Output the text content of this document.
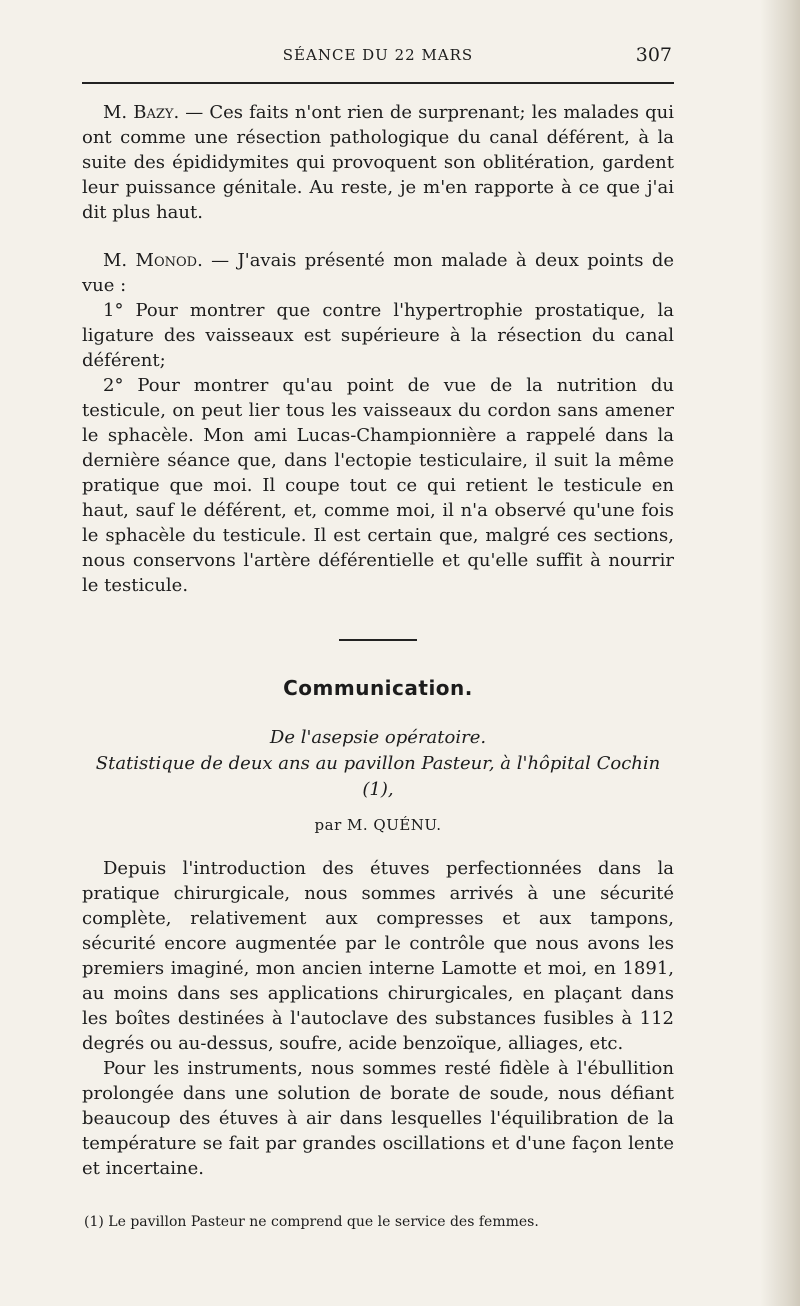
SÉANCE DU 22 MARS	307

M. Bazy. — Ces faits n'ont rien de surprenant; les malades qui ont comme une résection pathologique du canal déférent, à la suite des épididymites qui provoquent son oblitération, gardent leur puissance génitale. Au reste, je m'en rapporte à ce que j'ai dit plus haut.

M. Monod. — J'avais présenté mon malade à deux points de vue :

1° Pour montrer que contre l'hypertrophie prostatique, la ligature des vaisseaux est supérieure à la résection du canal déférent;

2° Pour montrer qu'au point de vue de la nutrition du testicule, on peut lier tous les vaisseaux du cordon sans amener le sphacèle. Mon ami Lucas-Championnière a rappelé dans la dernière séance que, dans l'ectopie testiculaire, il suit la même pratique que moi. Il coupe tout ce qui retient le testicule en haut, sauf le déférent, et, comme moi, il n'a observé qu'une fois le sphacèle du testicule. Il est certain que, malgré ces sections, nous conservons l'artère déférentielle et qu'elle suffit à nourrir le testicule.

Communication.
De l'asepsie opératoire.
Statistique de deux ans au pavillon Pasteur, à l'hôpital Cochin (1),
par M. QUÉNU.

Depuis l'introduction des étuves perfectionnées dans la pratique chirurgicale, nous sommes arrivés à une sécurité complète, relativement aux compresses et aux tampons, sécurité encore augmentée par le contrôle que nous avons les premiers imaginé, mon ancien interne Lamotte et moi, en 1891, au moins dans ses applications chirurgicales, en plaçant dans les boîtes destinées à l'autoclave des substances fusibles à 112 degrés ou au-dessus, soufre, acide benzoïque, alliages, etc.

Pour les instruments, nous sommes resté fidèle à l'ébullition prolongée dans une solution de borate de soude, nous défiant beaucoup des étuves à air dans lesquelles l'équilibration de la température se fait par grandes oscillations et d'une façon lente et incertaine.

(1) Le pavillon Pasteur ne comprend que le service des femmes.
